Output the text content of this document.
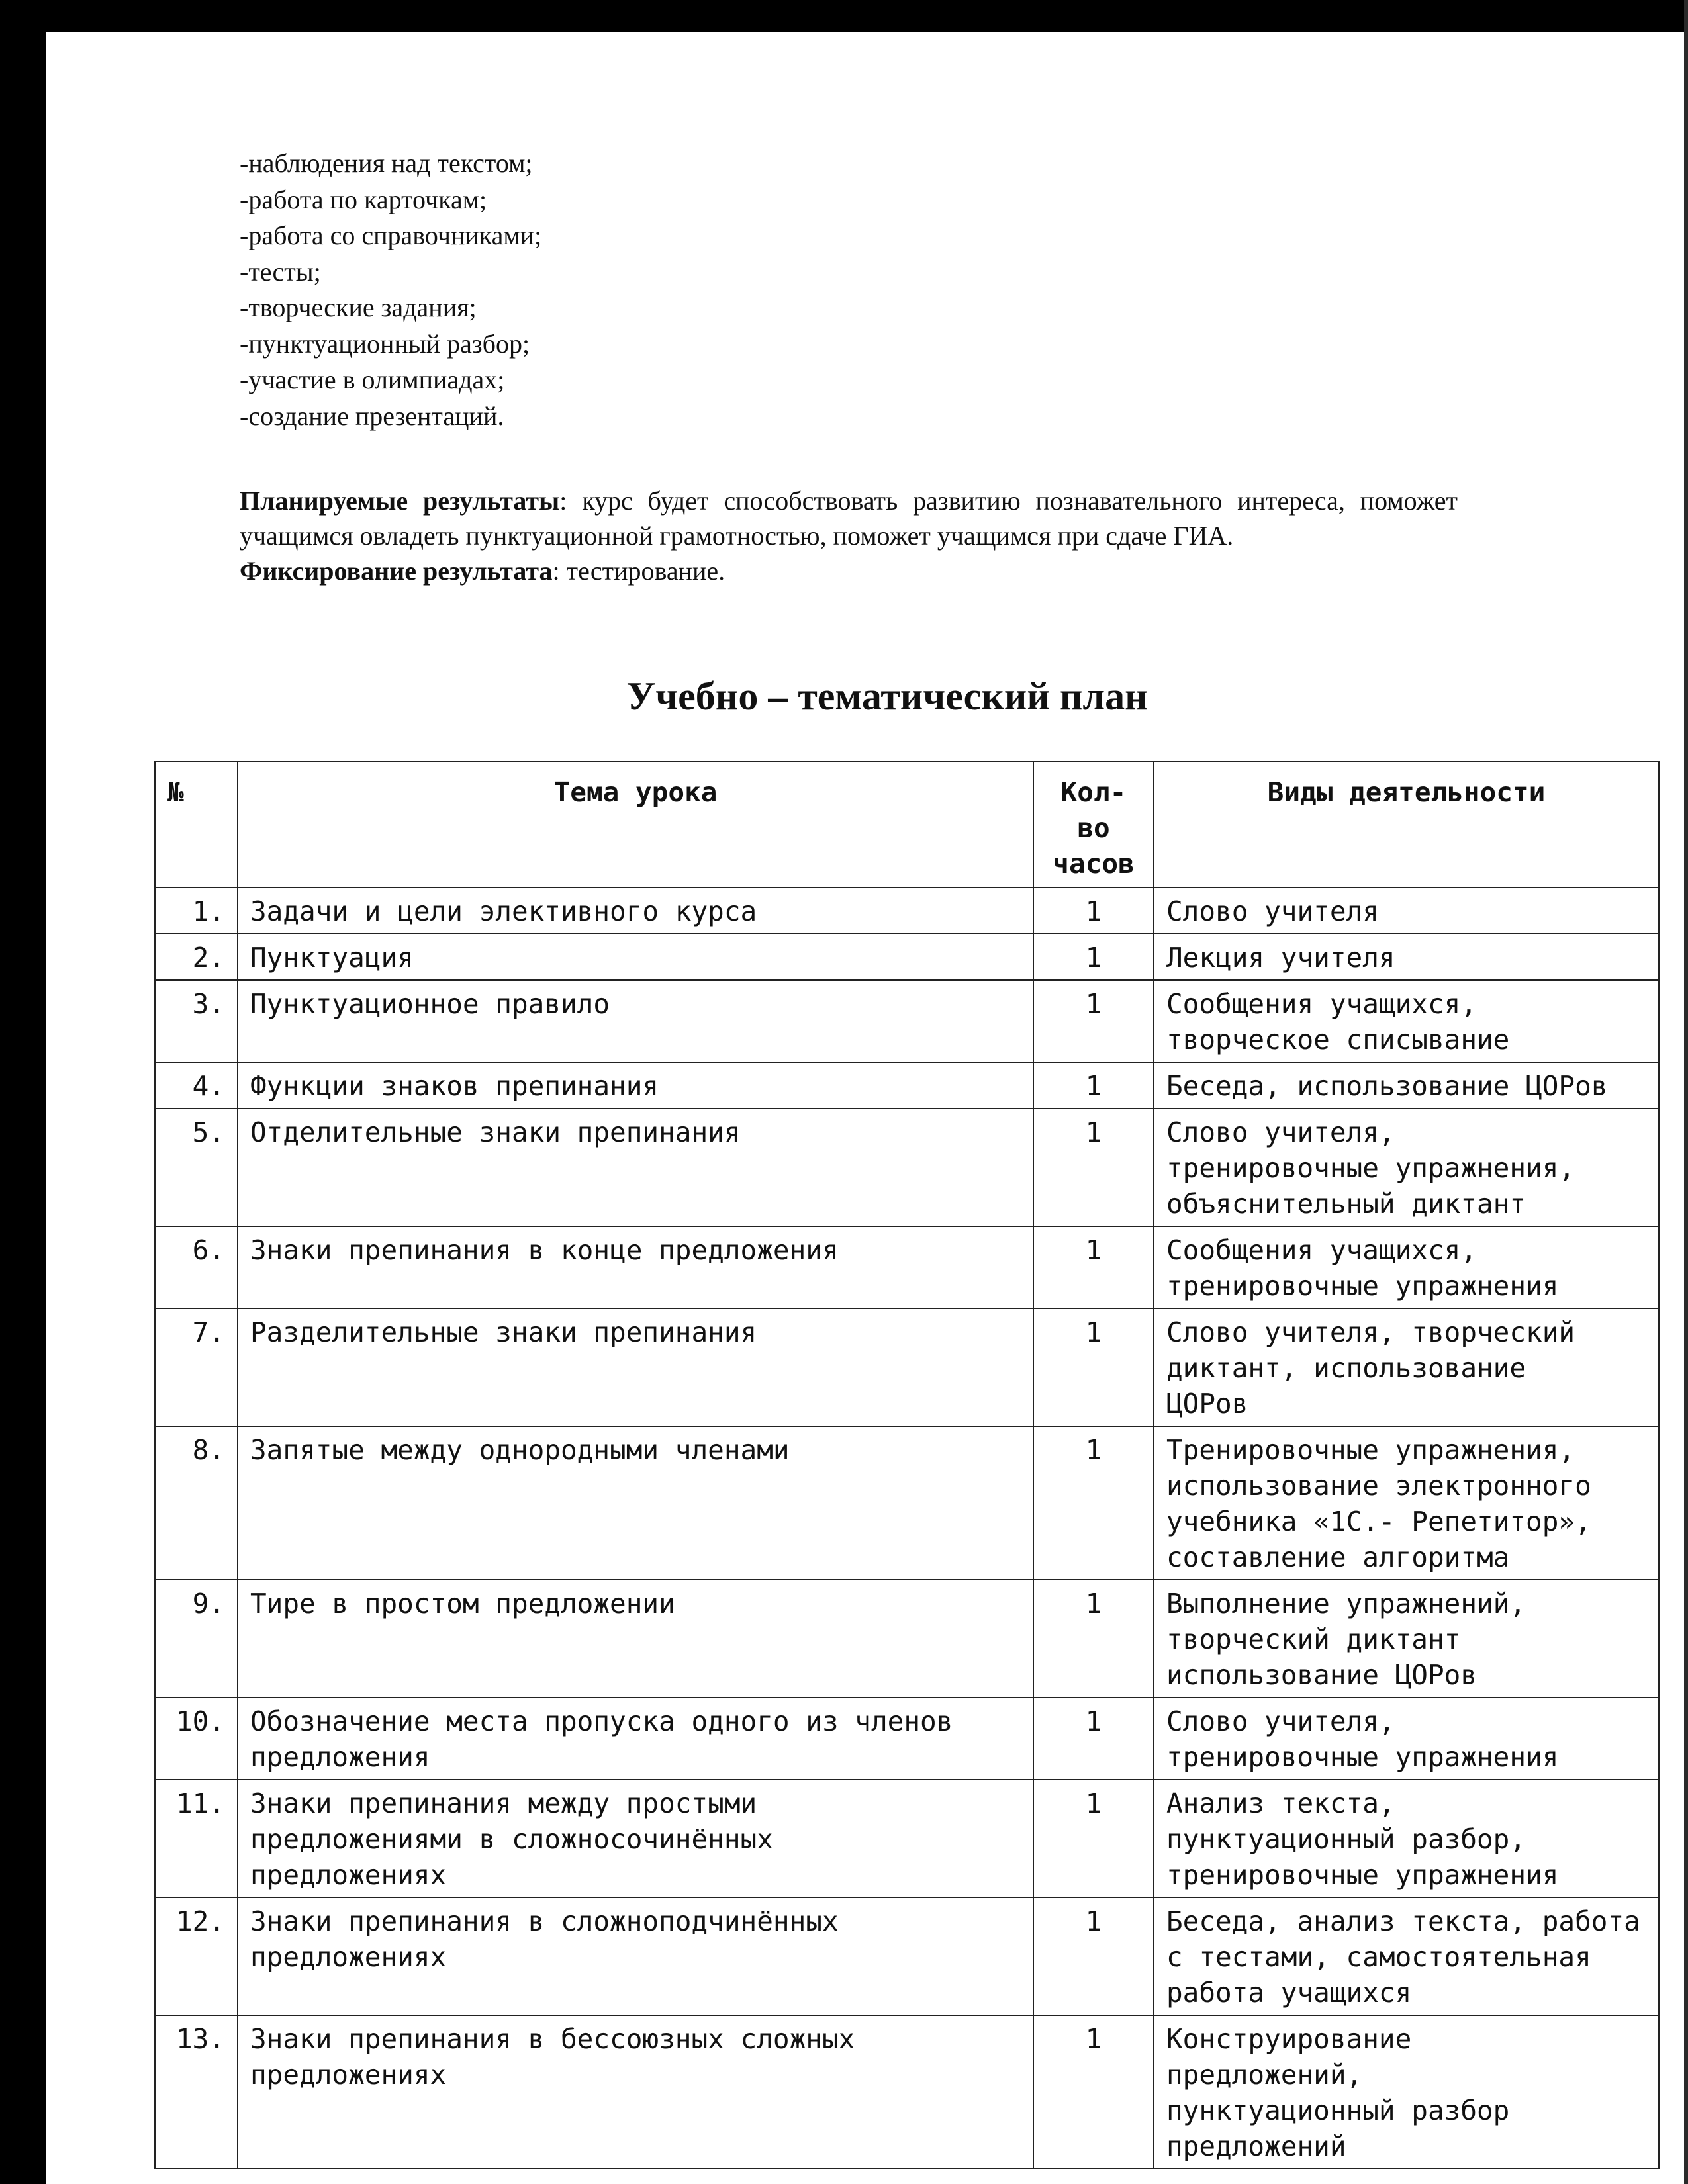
-наблюдения над текстом;
-работа по карточкам;
-работа со справочниками;
-тесты;
-творческие задания;
-пунктуационный разбор;
-участие в олимпиадах;
-создание презентаций.

Планируемые результаты: курс будет способствовать развитию познавательного интереса, поможет учащимся овладеть пунктуационной грамотностью, поможет учащимся при сдаче ГИА.

Фиксирование результата: тестирование.

Учебно – тематический план
№	Тема урока	Кол-
во
часов	Виды деятельности
1.	Задачи и цели элективного курса	1	Слово учителя
2.	Пунктуация	1	Лекция учителя
3.	Пунктуационное правило	1	Сообщения учащихся,
творческое списывание
4.	Функции знаков препинания	1	Беседа, использование ЦОРов
5.	Отделительные знаки препинания	1	Слово учителя,
тренировочные упражнения,
объяснительный диктант
6.	Знаки препинания в конце предложения	1	Сообщения учащихся,
тренировочные упражнения
7.	Разделительные знаки препинания	1	Слово учителя, творческий
диктант, использование
ЦОРов
8.	Запятые между однородными членами	1	Тренировочные упражнения,
использование электронного
учебника «1С.- Репетитор»,
составление алгоритма
9.	Тире в простом предложении	1	Выполнение упражнений,
творческий диктант
использование ЦОРов
10.	Обозначение места пропуска одного из членов
предложения	1	Слово учителя,
тренировочные упражнения
11.	Знаки препинания между простыми
предложениями в сложносочинённых
предложениях	1	Анализ текста,
пунктуационный разбор,
тренировочные упражнения
12.	Знаки препинания в сложноподчинённых
предложениях	1	Беседа, анализ текста, работа
с тестами, самостоятельная
работа учащихся
13.	Знаки препинания в бессоюзных сложных
предложениях	1	Конструирование
предложений,
пунктуационный разбор
предложений
